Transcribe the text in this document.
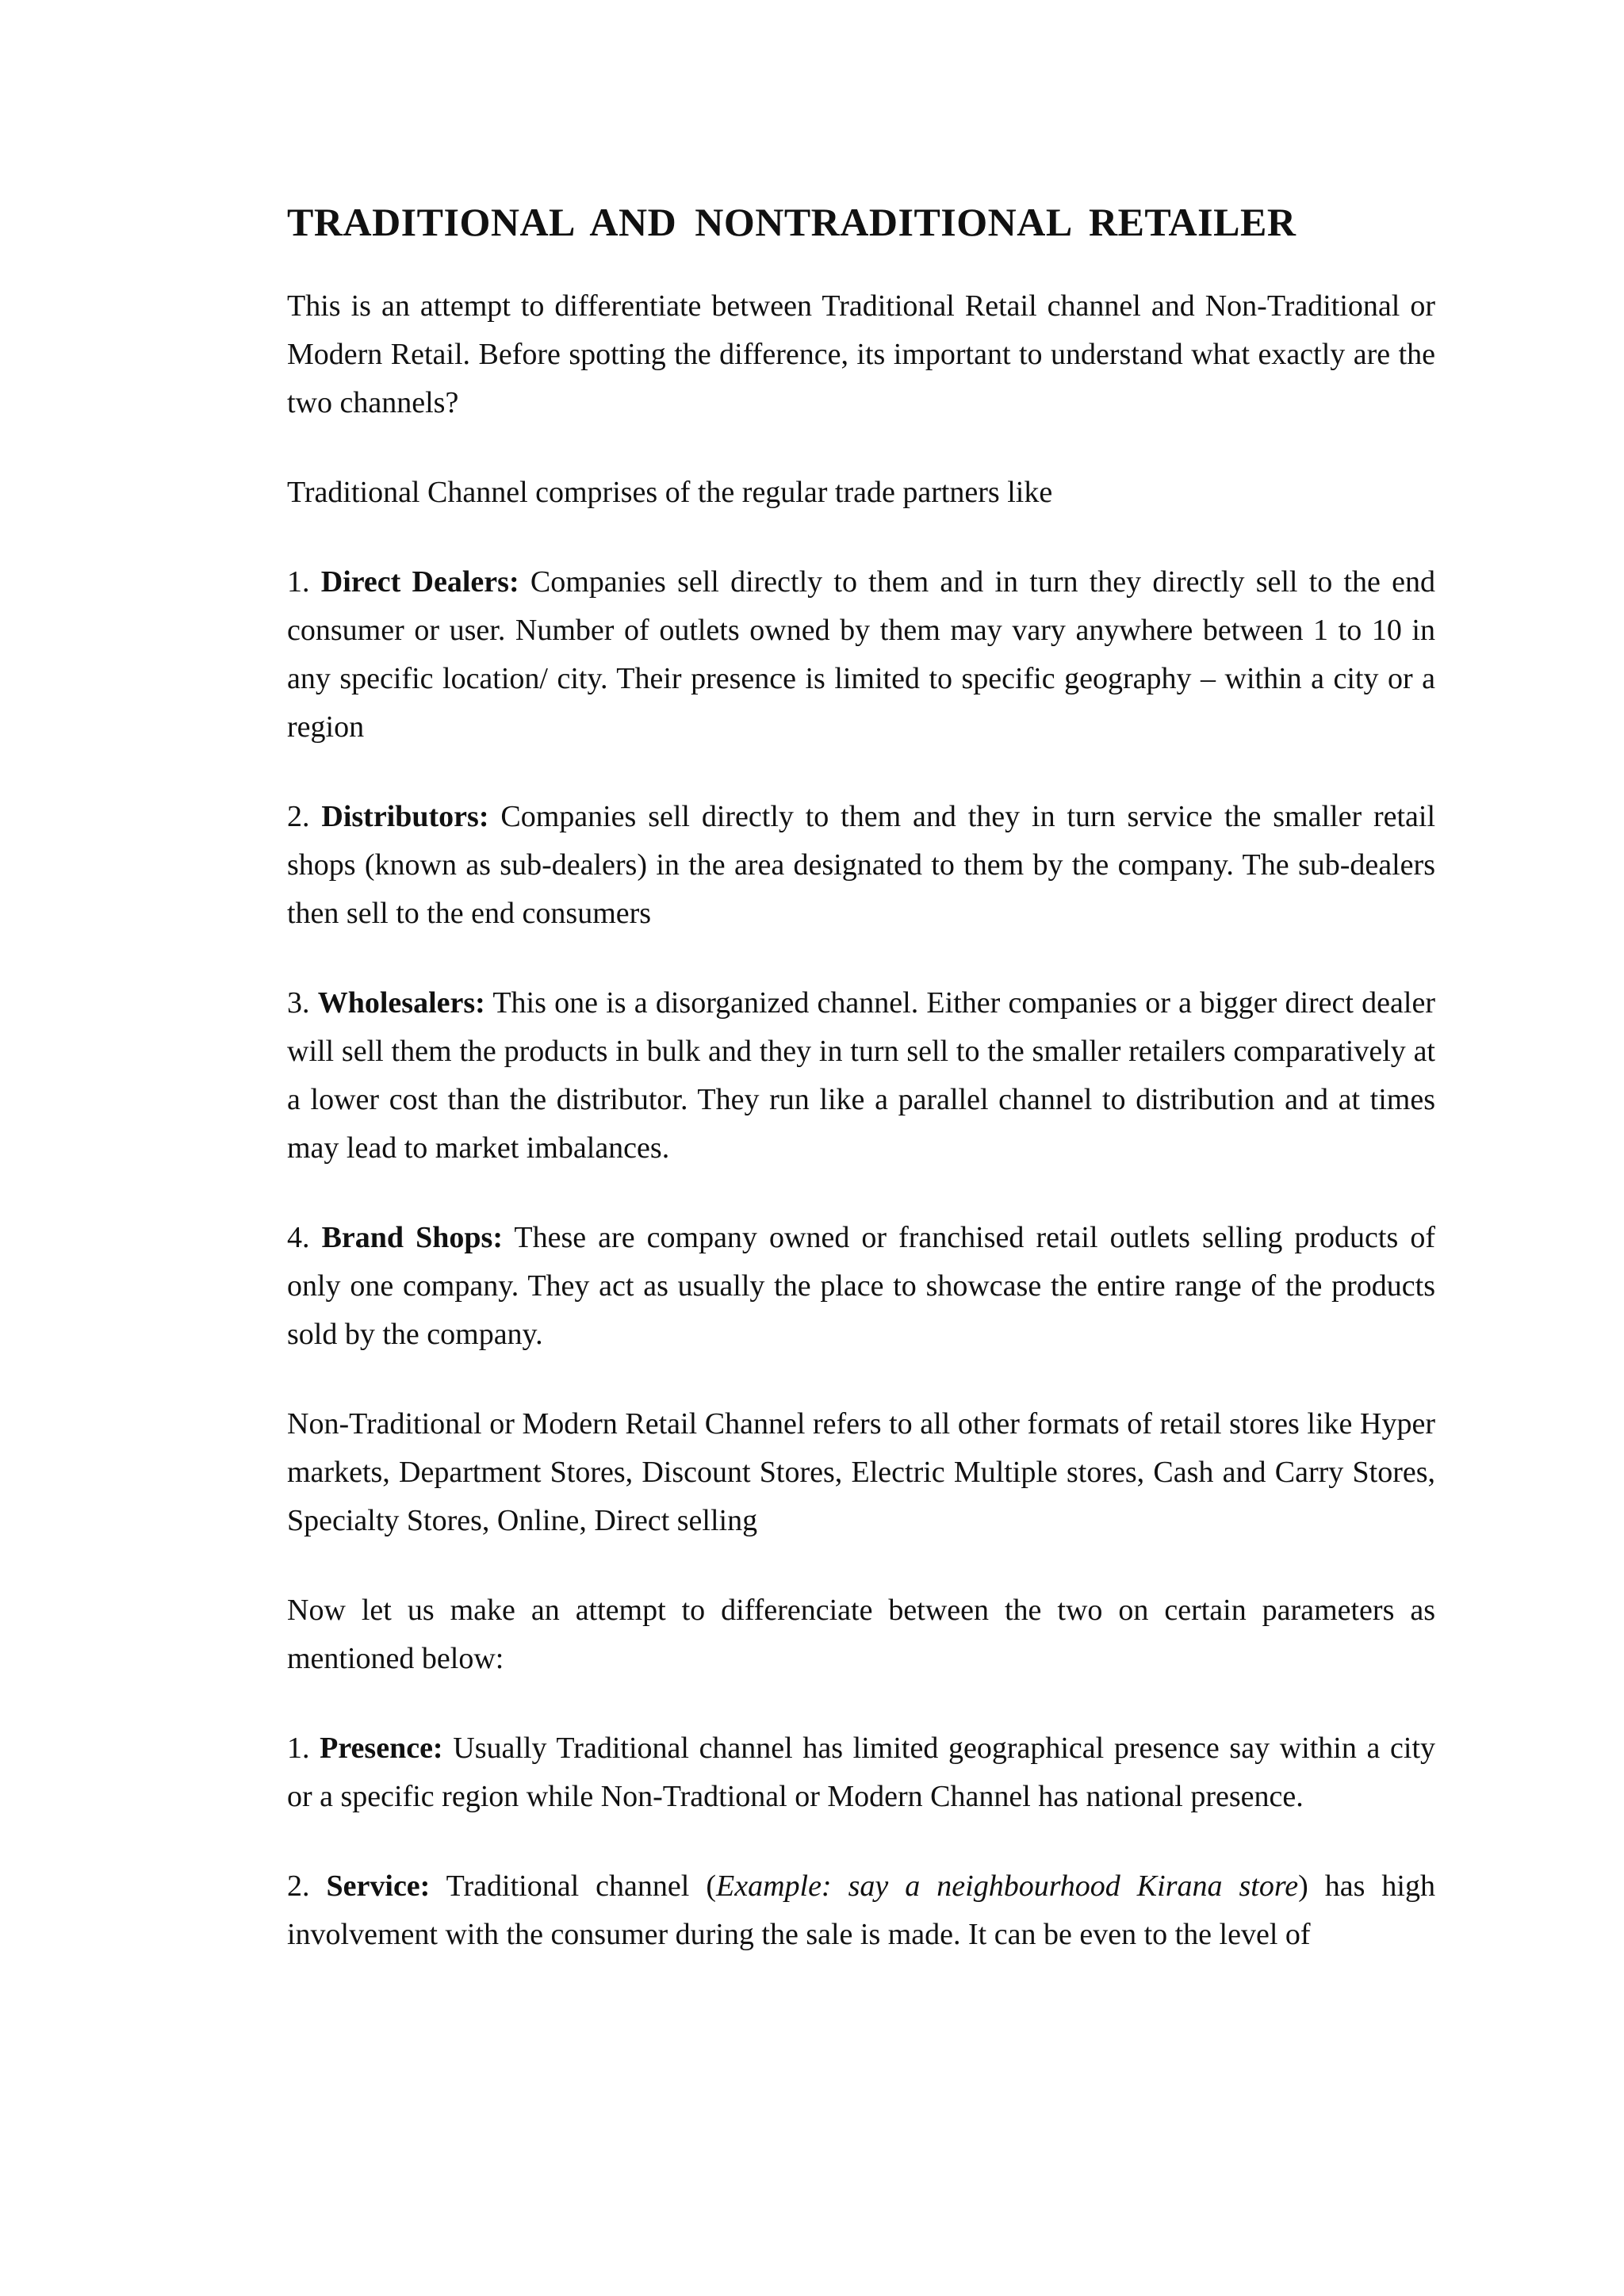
TRADITIONAL AND NONTRADITIONAL RETAILER

This is an attempt to differentiate between Traditional Retail channel and Non-Traditional or Modern Retail. Before spotting the difference, its important to understand what exactly are the two channels?

Traditional Channel comprises of the regular trade partners like

1. Direct Dealers: Companies sell directly to them and in turn they directly sell to the end consumer or user. Number of outlets owned by them may vary anywhere between 1 to 10 in any specific location/ city. Their presence is limited to specific geography – within a city or a region

2. Distributors: Companies sell directly to them and they in turn service the smaller retail shops (known as sub-dealers) in the area designated to them by the company. The sub-dealers then sell to the end consumers

3. Wholesalers: This one is a disorganized channel. Either companies or a bigger direct dealer will sell them the products in bulk and they in turn sell to the smaller retailers comparatively at a lower cost than the distributor. They run like a parallel channel to distribution and at times may lead to market imbalances.

4. Brand Shops: These are company owned or franchised retail outlets selling products of only one company. They act as usually the place to showcase the entire range of the products sold by the company.

Non-Traditional or Modern Retail Channel refers to all other formats of retail stores like Hyper markets, Department Stores, Discount Stores, Electric Multiple stores, Cash and Carry Stores, Specialty Stores, Online, Direct selling

Now let us make an attempt to differenciate between the two on certain parameters as mentioned below:

1. Presence: Usually Traditional channel has limited geographical presence say within a city or a specific region while Non-Tradtional or Modern Channel has national presence.

2. Service: Traditional channel (Example: say a neighbourhood Kirana store) has high involvement with the consumer during the sale is made. It can be even to the level of
